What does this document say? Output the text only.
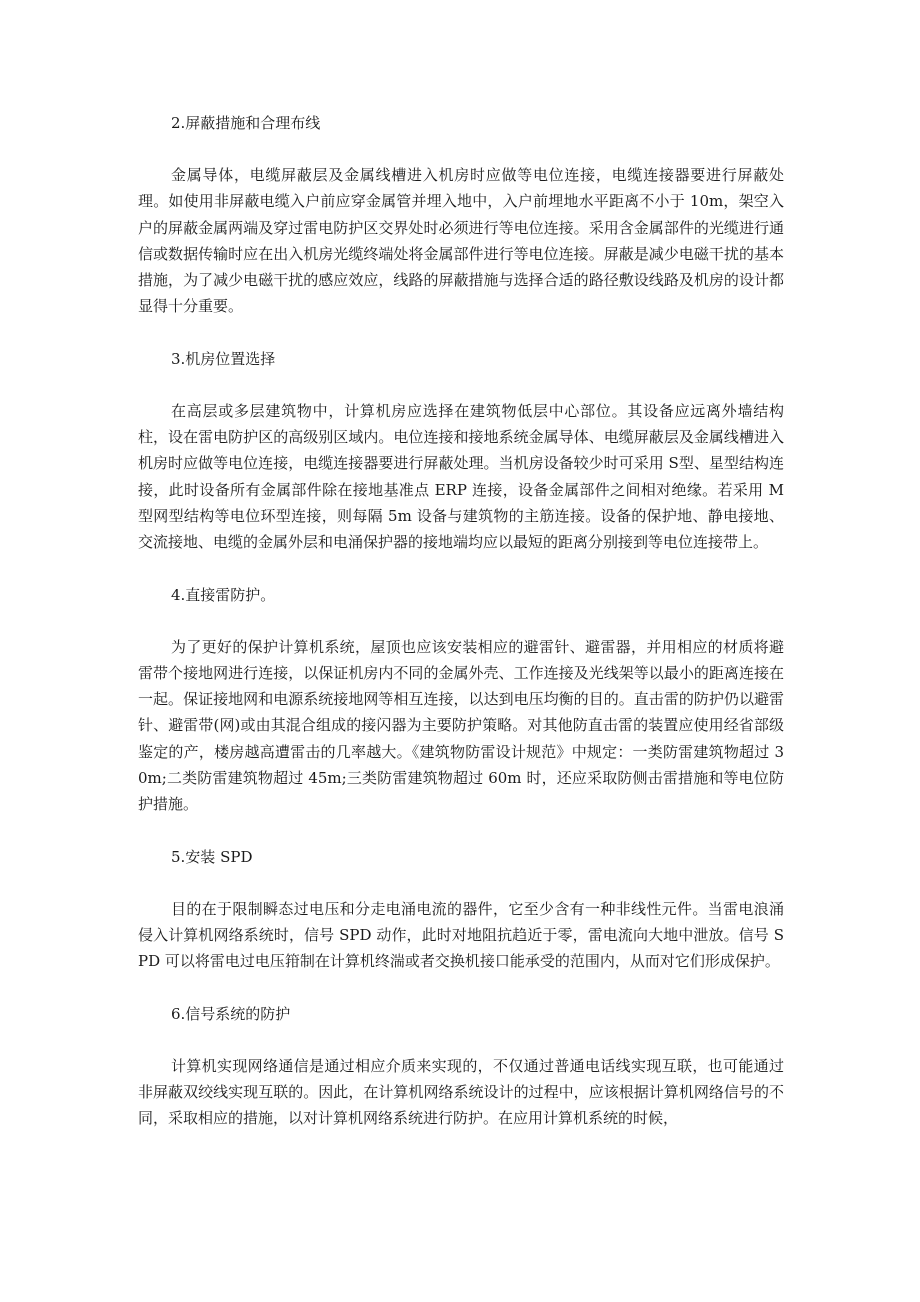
2.屏蔽措施和合理布线

金属导体，电缆屏蔽层及金属线槽进入机房时应做等电位连接，电缆连接器要进行屏蔽处理。如使用非屏蔽电缆入户前应穿金属管并埋入地中，入户前埋地水平距离不小于 10m，架空入户的屏蔽金属两端及穿过雷电防护区交界处时必须进行等电位连接。采用含金属部件的光缆进行通信或数据传输时应在出入机房光缆终端处将金属部件进行等电位连接。屏蔽是减少电磁干扰的基本措施，为了减少电磁干扰的感应效应，线路的屏蔽措施与选择合适的路径敷设线路及机房的设计都显得十分重要。

3.机房位置选择

在高层或多层建筑物中，计算机房应选择在建筑物低层中心部位。其设备应远离外墙结构柱，设在雷电防护区的高级别区域内。电位连接和接地系统金属导体、电缆屏蔽层及金属线槽进入机房时应做等电位连接，电缆连接器要进行屏蔽处理。当机房设备较少时可采用 S型、星型结构连接，此时设备所有金属部件除在接地基准点 ERP 连接，设备金属部件之间相对绝缘。若采用 M 型网型结构等电位环型连接，则每隔 5m 设备与建筑物的主筋连接。设备的保护地、静电接地、交流接地、电缆的金属外层和电涌保护器的接地端均应以最短的距离分别接到等电位连接带上。

4.直接雷防护。

为了更好的保护计算机系统，屋顶也应该安装相应的避雷针、避雷器，并用相应的材质将避雷带个接地网进行连接，以保证机房内不同的金属外壳、工作连接及光线架等以最小的距离连接在一起。保证接地网和电源系统接地网等相互连接，以达到电压均衡的目的。直击雷的防护仍以避雷针、避雷带(网)或由其混合组成的接闪器为主要防护策略。对其他防直击雷的装置应使用经省部级鉴定的产，楼房越高遭雷击的几率越大。《建筑物防雷设计规范》中规定：一类防雷建筑物超过 30m;二类防雷建筑物超过 45m;三类防雷建筑物超过 60m 时，还应采取防侧击雷措施和等电位防护措施。

5.安装 SPD

目的在于限制瞬态过电压和分走电涌电流的器件，它至少含有一种非线性元件。当雷电浪涌侵入计算机网络系统时，信号 SPD 动作，此时对地阻抗趋近于零，雷电流向大地中泄放。信号 SPD 可以将雷电过电压箝制在计算机终湍或者交换机接口能承受的范围内，从而对它们形成保护。

6.信号系统的防护

计算机实现网络通信是通过相应介质来实现的，不仅通过普通电话线实现互联，也可能通过非屏蔽双绞线实现互联的。因此，在计算机网络系统设计的过程中，应该根据计算机网络信号的不同，采取相应的措施，以对计算机网络系统进行防护。在应用计算机系统的时候，
